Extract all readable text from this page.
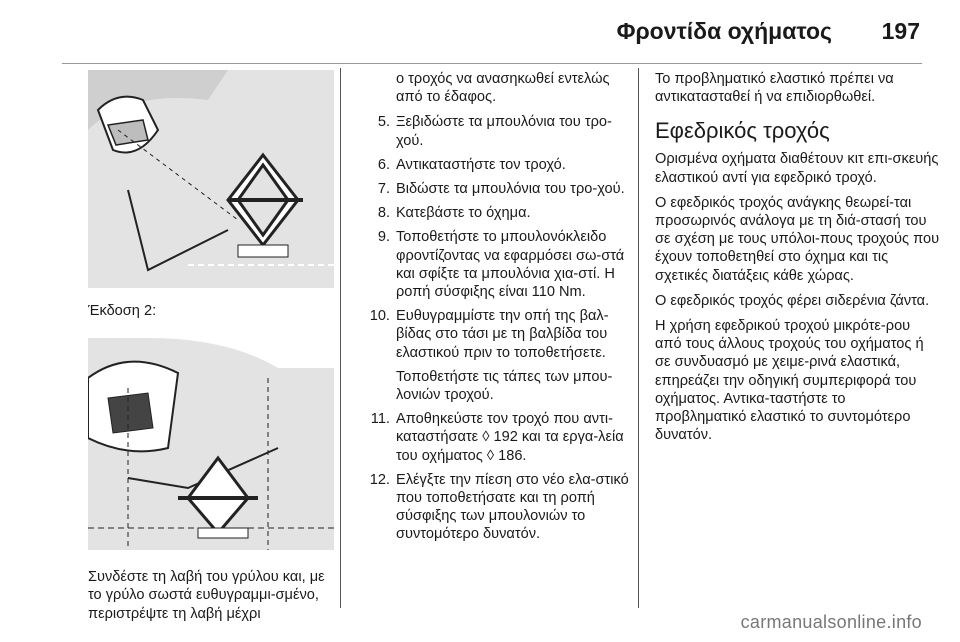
Φροντίδα οχήματος 197

Έκδοση 2:

Συνδέστε τη λαβή του γρύλου και, με το γρύλο σωστά ευθυγραμμι-σμένο, περιστρέψτε τη λαβή μέχρι

ο τροχός να ανασηκωθεί εντελώς από το έδαφος.

5. Ξεβιδώστε τα μπουλόνια του τρο-χού.
6. Αντικαταστήστε τον τροχό.
7. Βιδώστε τα μπουλόνια του τρο-χού.
8. Κατεβάστε το όχημα.
9. Τοποθετήστε το μπουλονόκλειδο φροντίζοντας να εφαρμόσει σω-στά και σφίξτε τα μπουλόνια χια-στί. Η ροπή σύσφιξης είναι 110 Nm.
10. Ευθυγραμμίστε την οπή της βαλ-βίδας στο τάσι με τη βαλβίδα του ελαστικού πριν το τοποθετήσετε.

Τοποθετήστε τις τάπες των μπου-λονιών τροχού.

11. Αποθηκεύστε τον τροχό που αντι-καταστήσατε ◊ 192 και τα εργα-λεία του οχήματος ◊ 186.
12. Ελέγξτε την πίεση στο νέο ελα-στικό που τοποθετήσατε και τη ροπή σύσφιξης των μπουλονιών το συντομότερο δυνατόν.

Το προβληματικό ελαστικό πρέπει να αντικατασταθεί ή να επιδιορθωθεί.

Εφεδρικός τροχός

Ορισμένα οχήματα διαθέτουν κιτ επι-σκευής ελαστικού αντί για εφεδρικό τροχό.

Ο εφεδρικός τροχός ανάγκης θεωρεί-ται προσωρινός ανάλογα με τη διά-στασή του σε σχέση με τους υπόλοι-πους τροχούς που έχουν τοποθετηθεί στο όχημα και τις σχετικές διατάξεις κάθε χώρας.

Ο εφεδρικός τροχός φέρει σιδερένια ζάντα.

Η χρήση εφεδρικού τροχού μικρότε-ρου από τους άλλους τροχούς του οχήματος ή σε συνδυασμό με χειμε-ρινά ελαστικά, επηρεάζει την οδηγική συμπεριφορά του οχήματος. Αντικα-ταστήστε το προβληματικό ελαστικό το συντομότερο δυνατόν.

carmanualsonline.info
